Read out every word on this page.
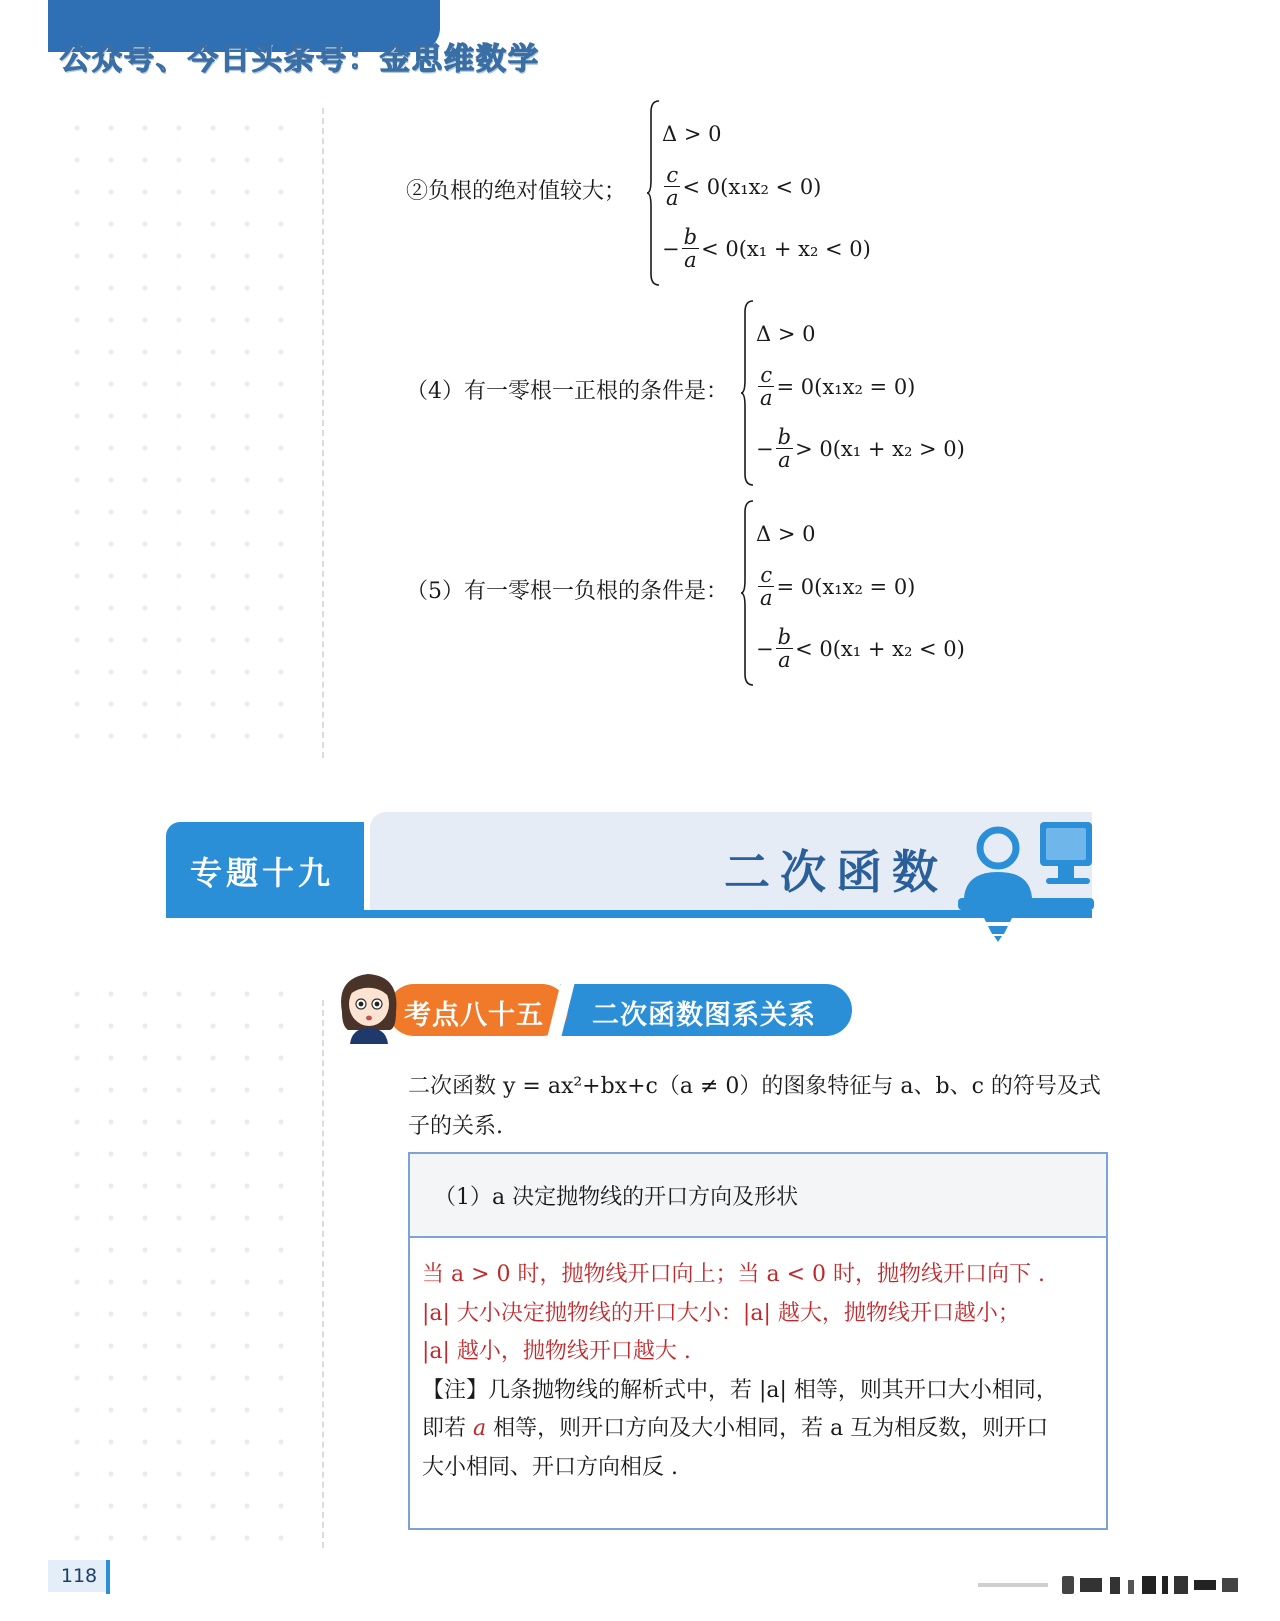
公众号、今日头条号：金思维数学
②负根的绝对值较大；
Δ > 0
$\frac{c}{a} < 0(x_1x_2 < 0)$
− $\frac{b}{a} < 0(x_1 + x_2 < 0)$
（4）有一零根一正根的条件是：
Δ > 0
$\frac{c}{a} = 0(x_1x_2 = 0)$
− $\frac{b}{a} > 0(x_1 + x_2 > 0)$
（5）有一零根一负根的条件是：
Δ > 0
$\frac{c}{a} = 0(x_1x_2 = 0)$
− $\frac{b}{a} < 0(x_1 + x_2 < 0)$
专题十九	二次函数
考点八十五 二次函数图系关系
二次函数 y = ax²+bx+c（a ≠ 0）的图象特征与 a、b、c 的符号及式
子的关系.
（1）a 决定抛物线的开口方向及形状
当 a > 0 时，抛物线开口向上；当 a < 0 时，抛物线开口向下 .
|a| 大小决定抛物线的开口大小：|a| 越大，抛物线开口越小；
|a| 越小，抛物线开口越大 .
【注】几条抛物线的解析式中，若 |a| 相等，则其开口大小相同，
即若 a 相等，则开口方向及大小相同，若 a 互为相反数，则开口
大小相同、开口方向相反 .
118
